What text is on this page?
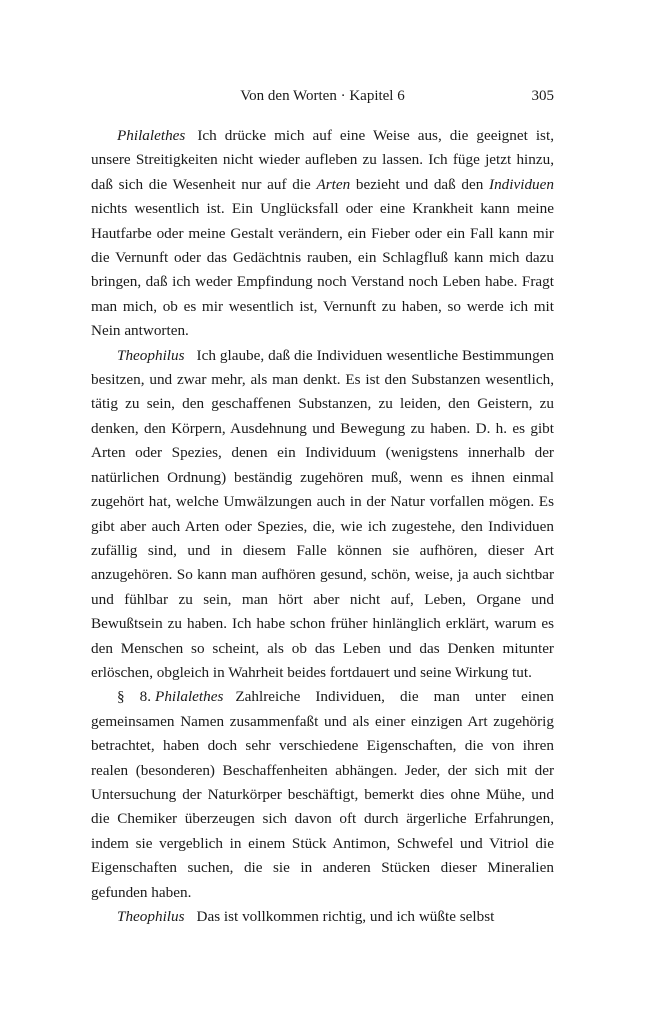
Von den Worten · Kapitel 6	305

Philalethes Ich drücke mich auf eine Weise aus, die geeignet ist, unsere Streitigkeiten nicht wieder aufleben zu lassen. Ich füge jetzt hinzu, daß sich die Wesenheit nur auf die Arten bezieht und daß den Individuen nichts wesentlich ist. Ein Unglücksfall oder eine Krankheit kann meine Hautfarbe oder meine Gestalt verändern, ein Fieber oder ein Fall kann mir die Vernunft oder das Gedächtnis rauben, ein Schlagfluß kann mich dazu bringen, daß ich weder Empfindung noch Verstand noch Leben habe. Fragt man mich, ob es mir wesentlich ist, Vernunft zu haben, so werde ich mit Nein antworten.

Theophilus Ich glaube, daß die Individuen wesentliche Bestimmungen besitzen, und zwar mehr, als man denkt. Es ist den Substanzen wesentlich, tätig zu sein, den geschaffenen Substanzen, zu leiden, den Geistern, zu denken, den Körpern, Ausdehnung und Bewegung zu haben. D. h. es gibt Arten oder Spezies, denen ein Individuum (wenigstens innerhalb der natürlichen Ordnung) beständig zugehören muß, wenn es ihnen einmal zugehört hat, welche Umwälzungen auch in der Natur vorfallen mögen. Es gibt aber auch Arten oder Spezies, die, wie ich zugestehe, den Individuen zufällig sind, und in diesem Falle können sie aufhören, dieser Art anzugehören. So kann man aufhören gesund, schön, weise, ja auch sichtbar und fühlbar zu sein, man hört aber nicht auf, Leben, Organe und Bewußtsein zu haben. Ich habe schon früher hinlänglich erklärt, warum es den Menschen so scheint, als ob das Leben und das Denken mitunter erlöschen, obgleich in Wahrheit beides fortdauert und seine Wirkung tut.

§ 8. Philalethes Zahlreiche Individuen, die man unter einen gemeinsamen Namen zusammenfaßt und als einer einzigen Art zugehörig betrachtet, haben doch sehr verschiedene Eigenschaften, die von ihren realen (besonderen) Beschaffenheiten abhängen. Jeder, der sich mit der Untersuchung der Naturkörper beschäftigt, bemerkt dies ohne Mühe, und die Chemiker überzeugen sich davon oft durch ärgerliche Erfahrungen, indem sie vergeblich in einem Stück Antimon, Schwefel und Vitriol die Eigenschaften suchen, die sie in anderen Stücken dieser Mineralien gefunden haben.

Theophilus Das ist vollkommen richtig, und ich wüßte selbst
